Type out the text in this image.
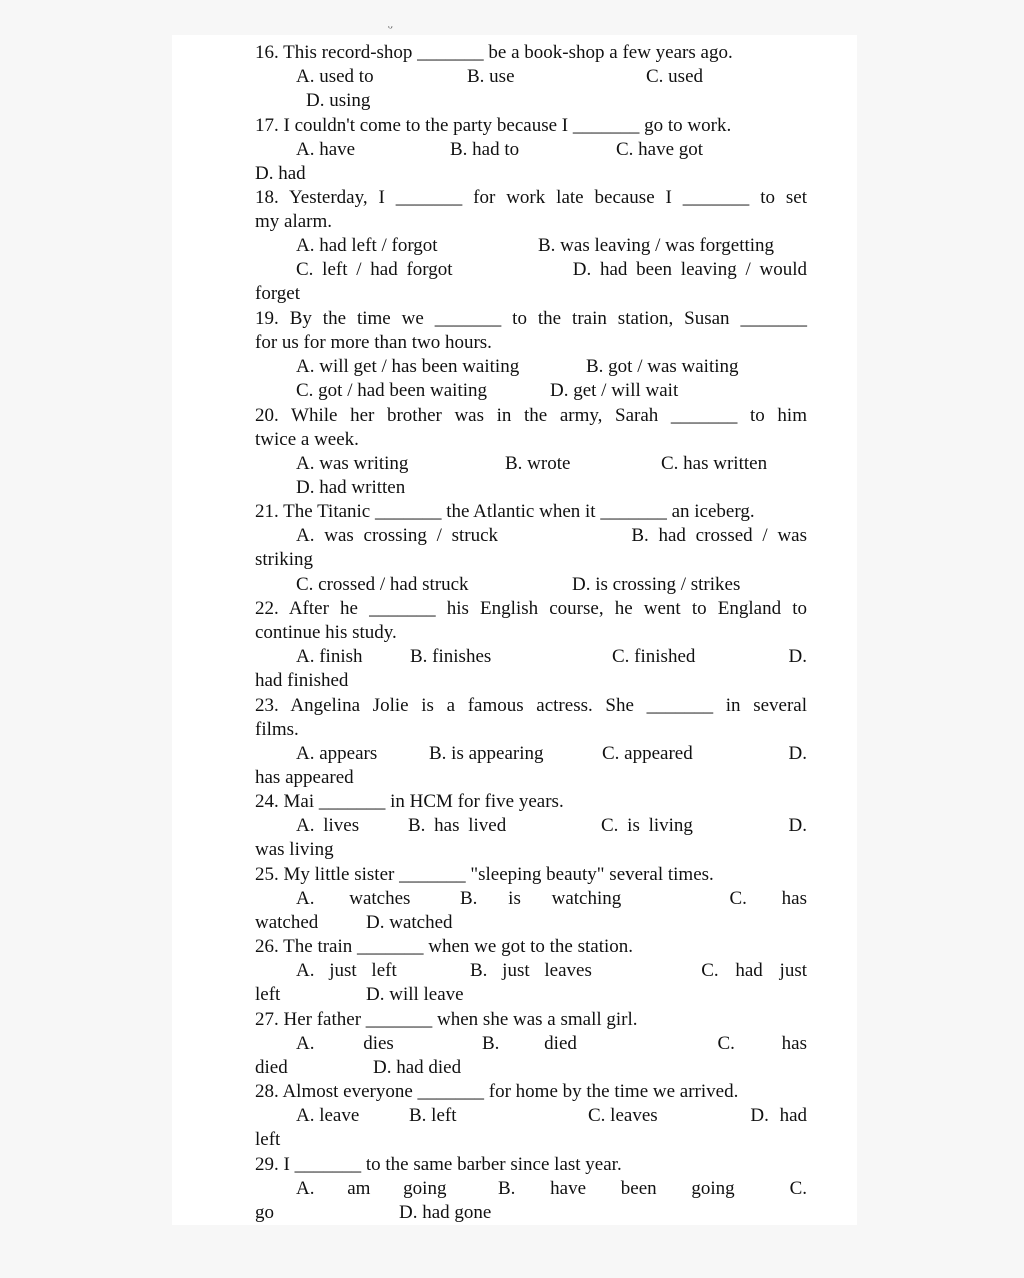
ᵕ
16. This record-shop _______ be a book-shop a few years ago.
A. used to	B. use	C. used
D. using
17. I couldn't come to the party because I _______ go to work.
A. have	B. had to	C. have got
D. had
18. Yesterday, I _______ for work late because I _______ to set
my alarm.
A. had left / forgot	B. was leaving / was forgetting
C. left / had forgot	D. had been leaving / would
forget
19. By the time we _______ to the train station, Susan _______
for us for more than two hours.
A. will get / has been waiting	B. got / was waiting
C. got / had been waiting	D. get / will wait
20. While her brother was in the army, Sarah _______ to him
twice a week.
A. was writing	B. wrote	C. has written
D. had written
21. The Titanic _______ the Atlantic when it _______ an iceberg.
A. was crossing / struck	B. had crossed / was
striking
C. crossed / had struck	D. is crossing / strikes
22. After he _______ his English course, he went to England to
continue his study.
A. finish	B. finishes	C. finished	D.
had finished
23. Angelina Jolie is a famous actress. She _______ in several
films.
A. appears	B. is appearing	C. appeared	D.
has appeared
24. Mai _______ in HCM for five years.
A. lives	B. has lived	C. is living	D.
was living
25. My little sister _______ "sleeping beauty" several times.
A. watches	B. is watching	C. has
watched	D. watched
26. The train _______ when we got to the station.
A. just left	B. just leaves	C. had just
left	D. will leave
27. Her father _______ when she was a small girl.
A. dies	B. died	C. has
died	D. had died
28. Almost everyone _______ for home by the time we arrived.
A. leave	B. left	C. leaves	D. had
left
29. I _______ to the same barber since last year.
A. am going	B. have been going	C.
go	D. had gone
